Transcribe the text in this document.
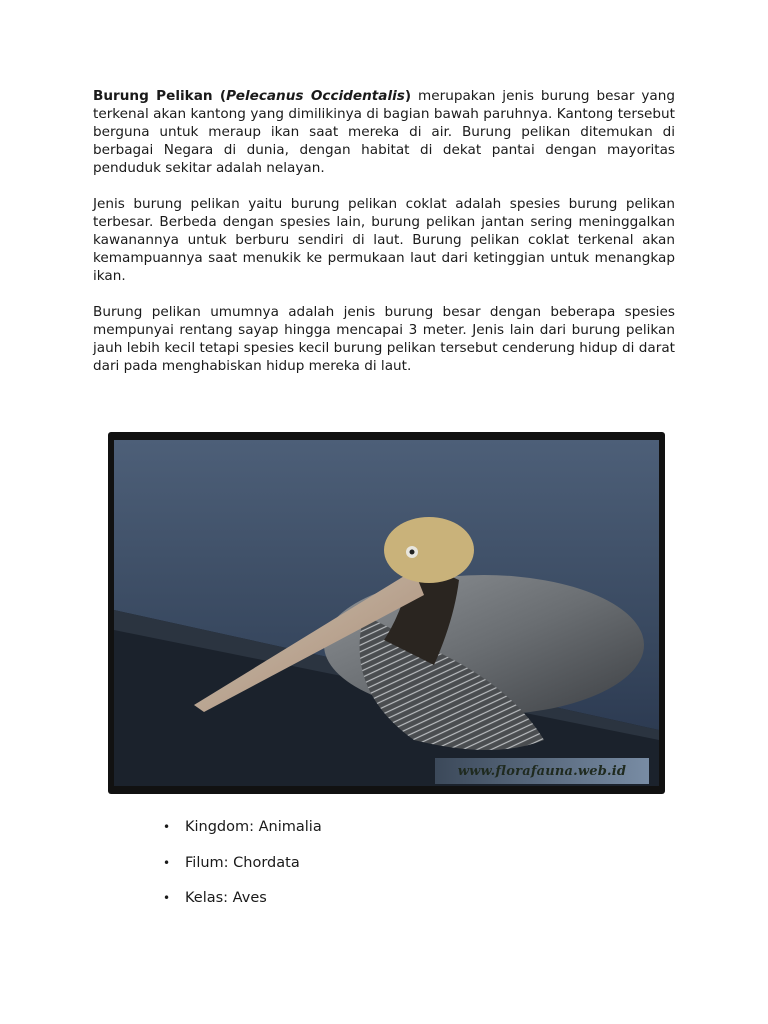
Burung Pelikan (Pelecanus Occidentalis) merupakan jenis burung besar yang terkenal akan kantong yang dimilikinya di bagian bawah paruhnya. Kantong tersebut berguna untuk meraup ikan saat mereka di air. Burung pelikan ditemukan di berbagai Negara di dunia, dengan habitat di dekat pantai dengan mayoritas penduduk sekitar adalah nelayan.

Jenis burung pelikan yaitu burung pelikan coklat adalah spesies burung pelikan terbesar. Berbeda dengan spesies lain, burung pelikan jantan sering meninggalkan kawanannya untuk berburu sendiri di laut. Burung pelikan coklat terkenal akan kemampuannya saat menukik ke permukaan laut dari ketinggian untuk menangkap ikan.

Burung pelikan umumnya adalah jenis burung besar dengan beberapa spesies mempunyai rentang sayap hingga mencapai 3 meter. Jenis lain dari burung pelikan jauh lebih kecil tetapi spesies kecil burung pelikan tersebut cenderung hidup di darat dari pada menghabiskan hidup mereka di laut.

www.florafauna.web.id
•	Kingdom: Animalia
•	Filum: Chordata
•	Kelas: Aves
